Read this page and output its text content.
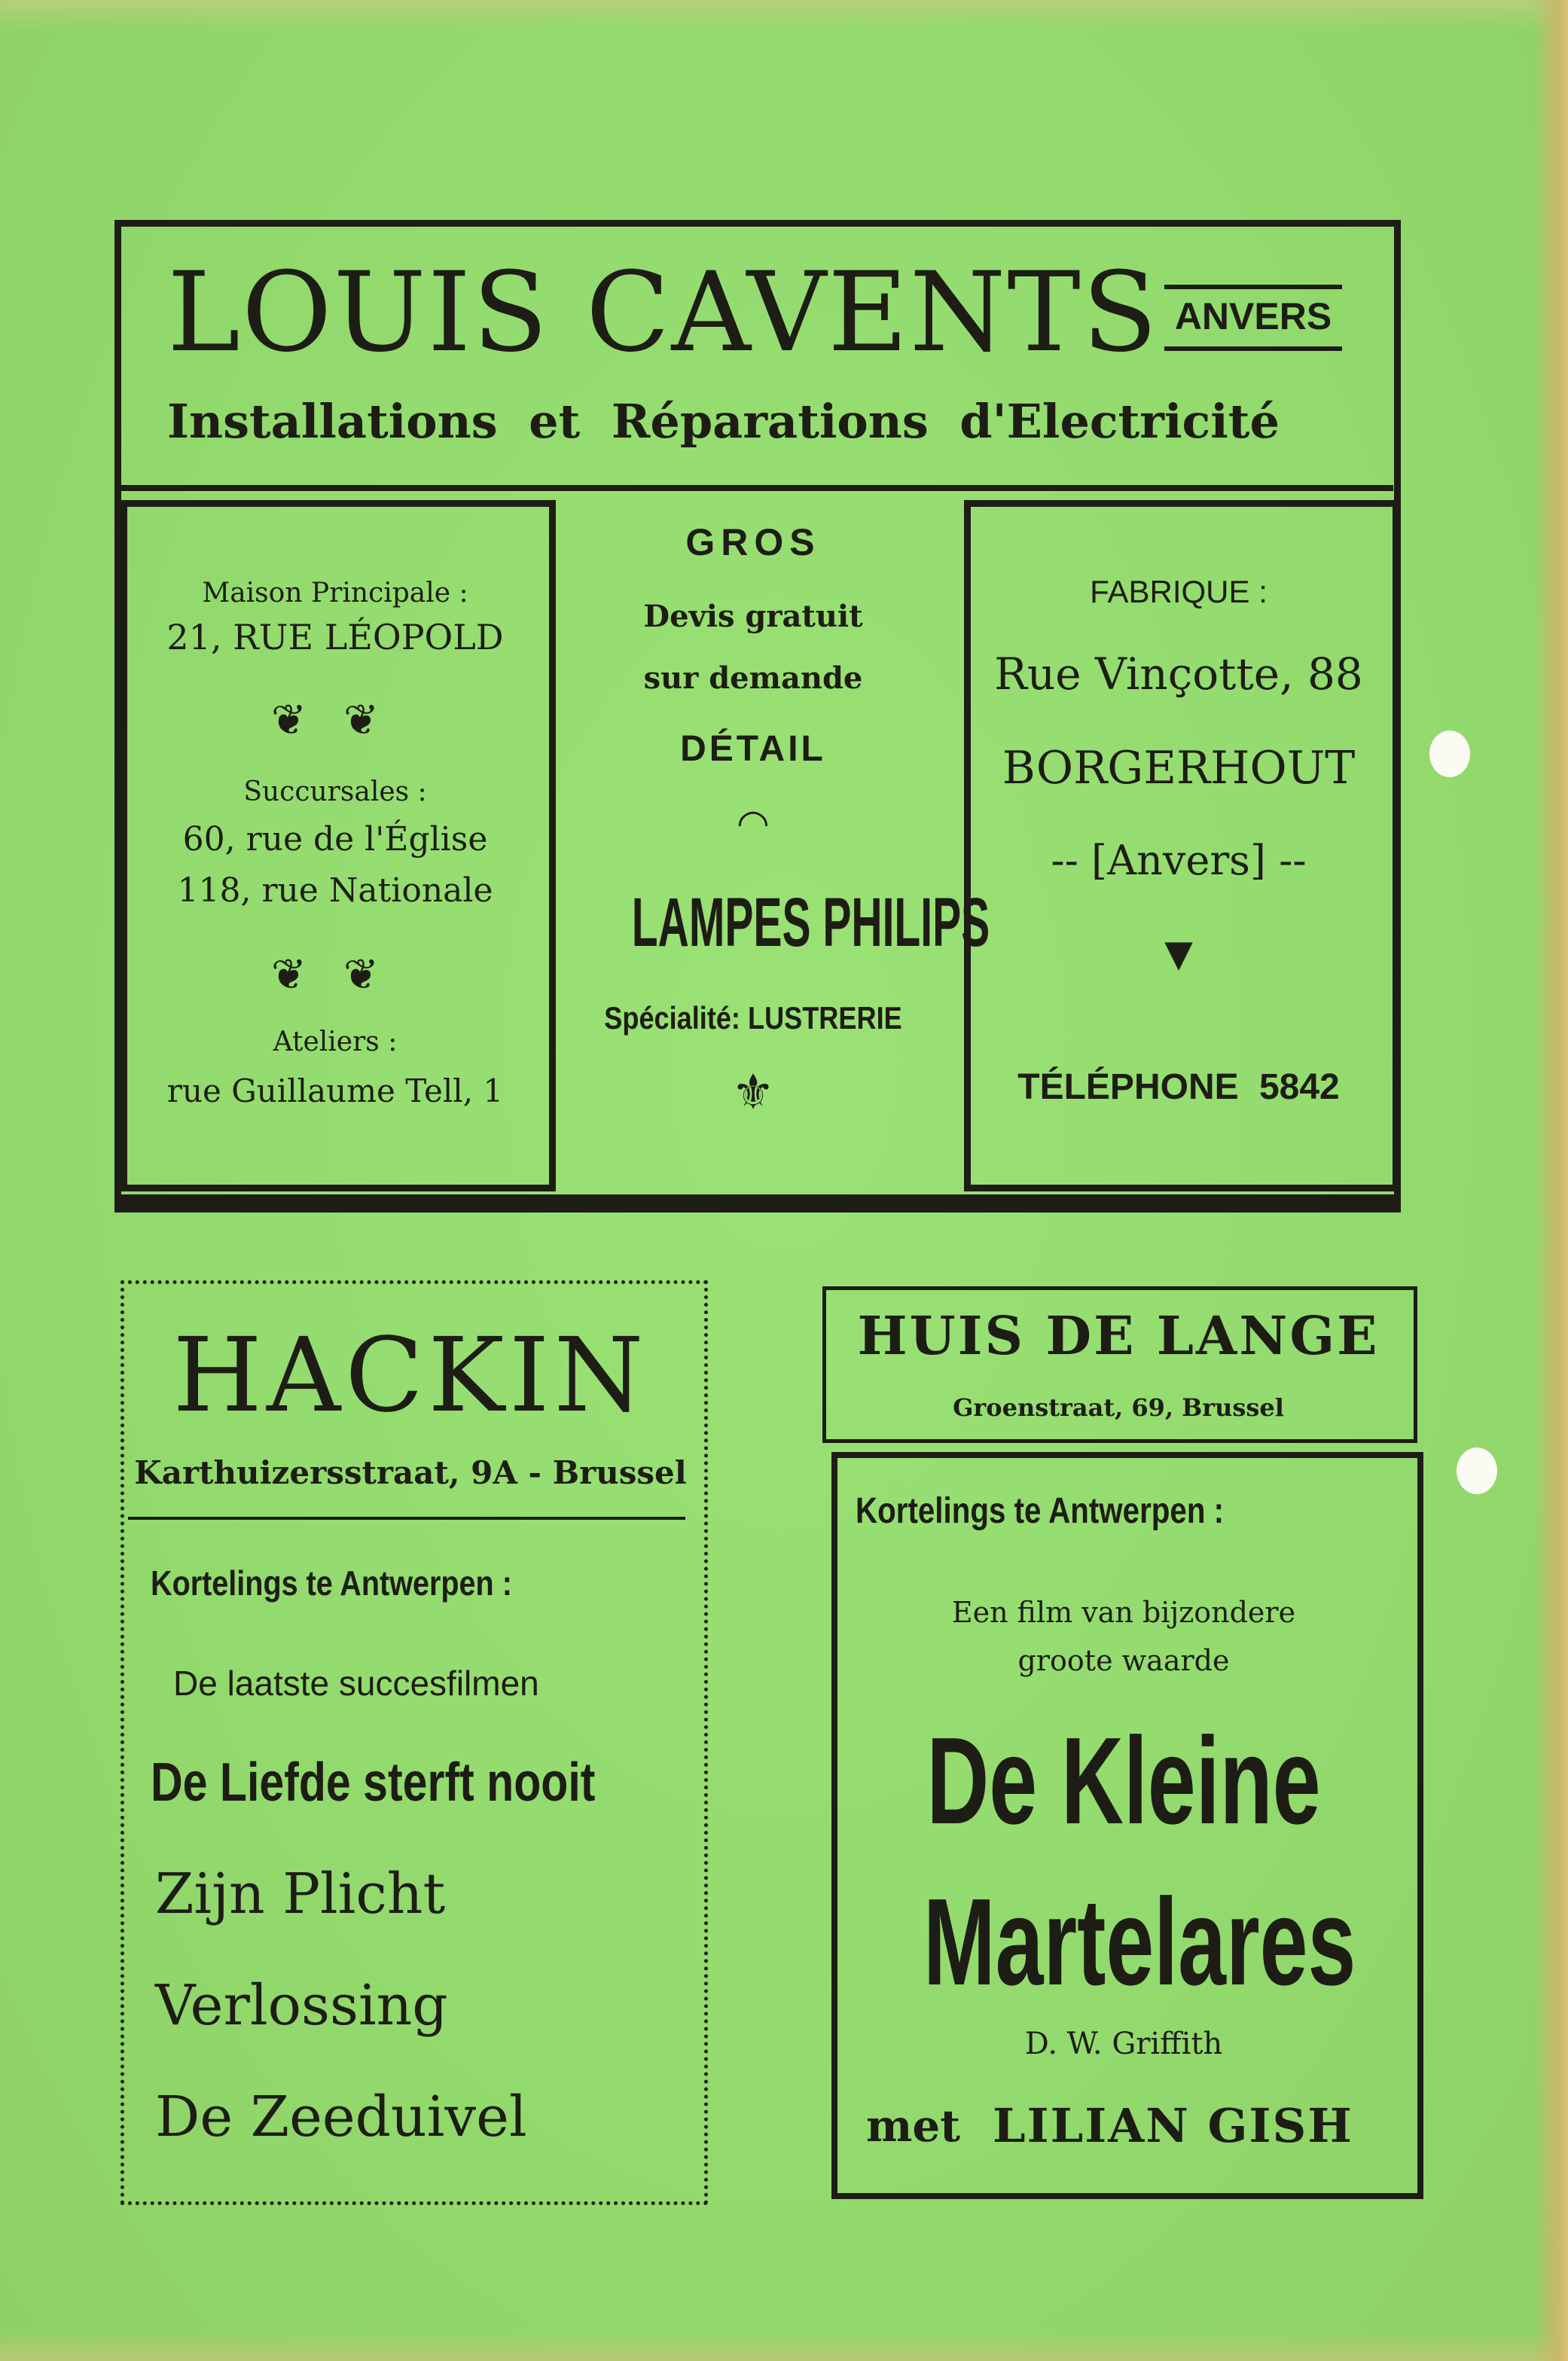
LOUIS CAVENTS ANVERS
Installations et Réparations d'Electricité
Maison Principale :
21, RUE LÉOPOLD
❦ ❦
Succursales :
60, rue de l'Église
118, rue Nationale
❦ ❦
Ateliers :
rue Guillaume Tell, 1
GROS
Devis gratuit
sur demande
DÉTAIL
◠
LAMPES PHILIPS
Spécialité: LUSTRERIE
⚜
FABRIQUE :
Rue Vinçotte, 88
BORGERHOUT
-- [Anvers] --
▼
TÉLÉPHONE 5842
HACKIN
Karthuizersstraat, 9A - Brussel
Kortelings te Antwerpen :
De laatste succesfilmen
De Liefde sterft nooit
Zijn Plicht
Verlossing
De Zeeduivel
HUIS DE LANGE
Groenstraat, 69, Brussel
Kortelings te Antwerpen :
Een film van bijzondere
groote waarde
De Kleine
Martelares
D. W. Griffith
met LILIAN GISH
